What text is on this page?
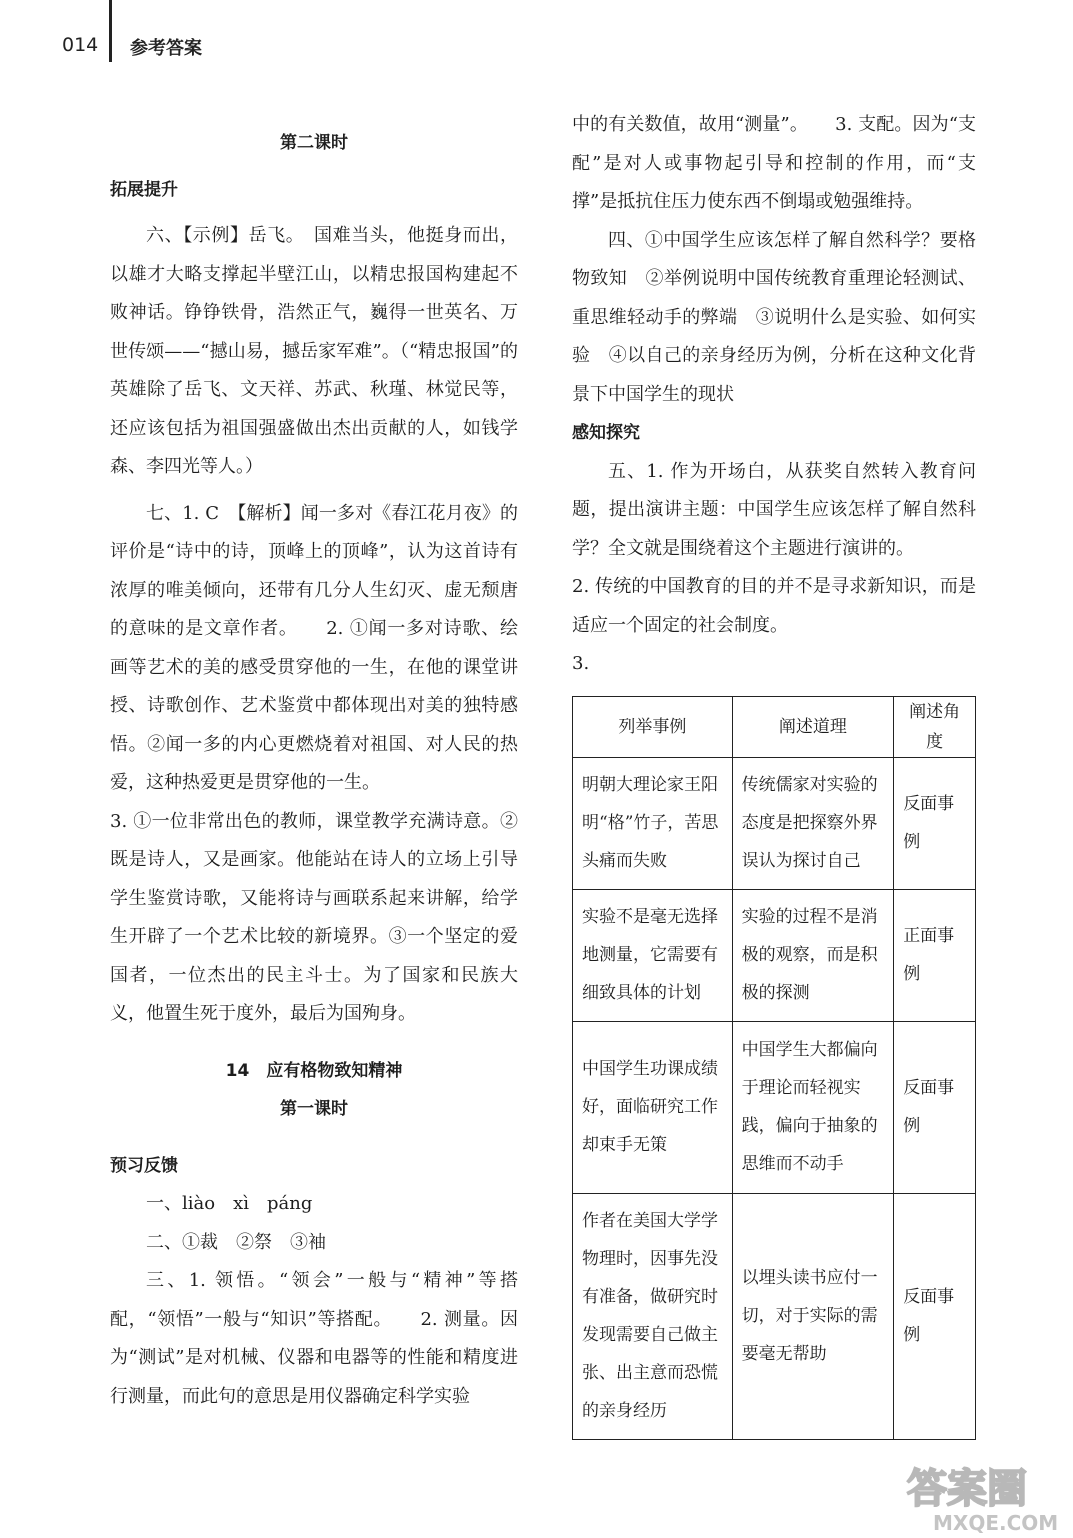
014 参考答案

第二课时

拓展提升

六、【示例】岳飞。　国难当头，他挺身而出，以雄才大略支撑起半壁江山，以精忠报国构建起不败神话。铮铮铁骨，浩然正气，巍得一世英名、万世传颂——“撼山易，撼岳家军难”。（“精忠报国”的英雄除了岳飞、文天祥、苏武、秋瑾、林觉民等，还应该包括为祖国强盛做出杰出贡献的人，如钱学森、李四光等人。）

七、1. C　【解析】闻一多对《春江花月夜》的评价是“诗中的诗，顶峰上的顶峰”，认为这首诗有浓厚的唯美倾向，还带有几分人生幻灭、虚无颓唐的意味的是文章作者。　　2. ①闻一多对诗歌、绘画等艺术的美的感受贯穿他的一生，在他的课堂讲授、诗歌创作、艺术鉴赏中都体现出对美的独特感悟。②闻一多的内心更燃烧着对祖国、对人民的热爱，这种热爱更是贯穿他的一生。

3. ①一位非常出色的教师，课堂教学充满诗意。②既是诗人，又是画家。他能站在诗人的立场上引导学生鉴赏诗歌，又能将诗与画联系起来讲解，给学生开辟了一个艺术比较的新境界。③一个坚定的爱国者，一位杰出的民主斗士。为了国家和民族大义，他置生死于度外，最后为国殉身。

14　应有格物致知精神

第一课时

预习反馈

一、liào　xì　páng

二、①裁　②祭　③袖

三、1. 领悟。“领会”一般与“精神”等搭配，“领悟”一般与“知识”等搭配。　　2. 测量。因为“测试”是对机械、仪器和电器等的性能和精度进行测量，而此句的意思是用仪器确定科学实验

中的有关数值，故用“测量”。　　3. 支配。因为“支配”是对人或事物起引导和控制的作用，而“支撑”是抵抗住压力使东西不倒塌或勉强维持。

四、①中国学生应该怎样了解自然科学？要格物致知　②举例说明中国传统教育重理论轻测试、重思维轻动手的弊端　③说明什么是实验、如何实验　④以自己的亲身经历为例，分析在这种文化背景下中国学生的现状

感知探究

五、1. 作为开场白，从获奖自然转入教育问题，提出演讲主题：中国学生应该怎样了解自然科学？全文就是围绕着这个主题进行演讲的。

2. 传统的中国教育的目的并不是寻求新知识，而是适应一个固定的社会制度。

3.

列举事例	阐述道理	阐述角度
明朝大理论家王阳明“格”竹子，苦思头痛而失败	传统儒家对实验的态度是把探察外界误认为探讨自己	反面事例
实验不是毫无选择地测量，它需要有细致具体的计划	实验的过程不是消极的观察，而是积极的探测	正面事例
中国学生功课成绩好，面临研究工作却束手无策	中国学生大都偏向于理论而轻视实践，偏向于抽象的思维而不动手	反面事例
作者在美国大学学物理时，因事先没有准备，做研究时发现需要自己做主张、出主意而恐慌的亲身经历	以埋头读书应付一切，对于实际的需要毫无帮助	反面事例
答案圈
MXQE.COM
